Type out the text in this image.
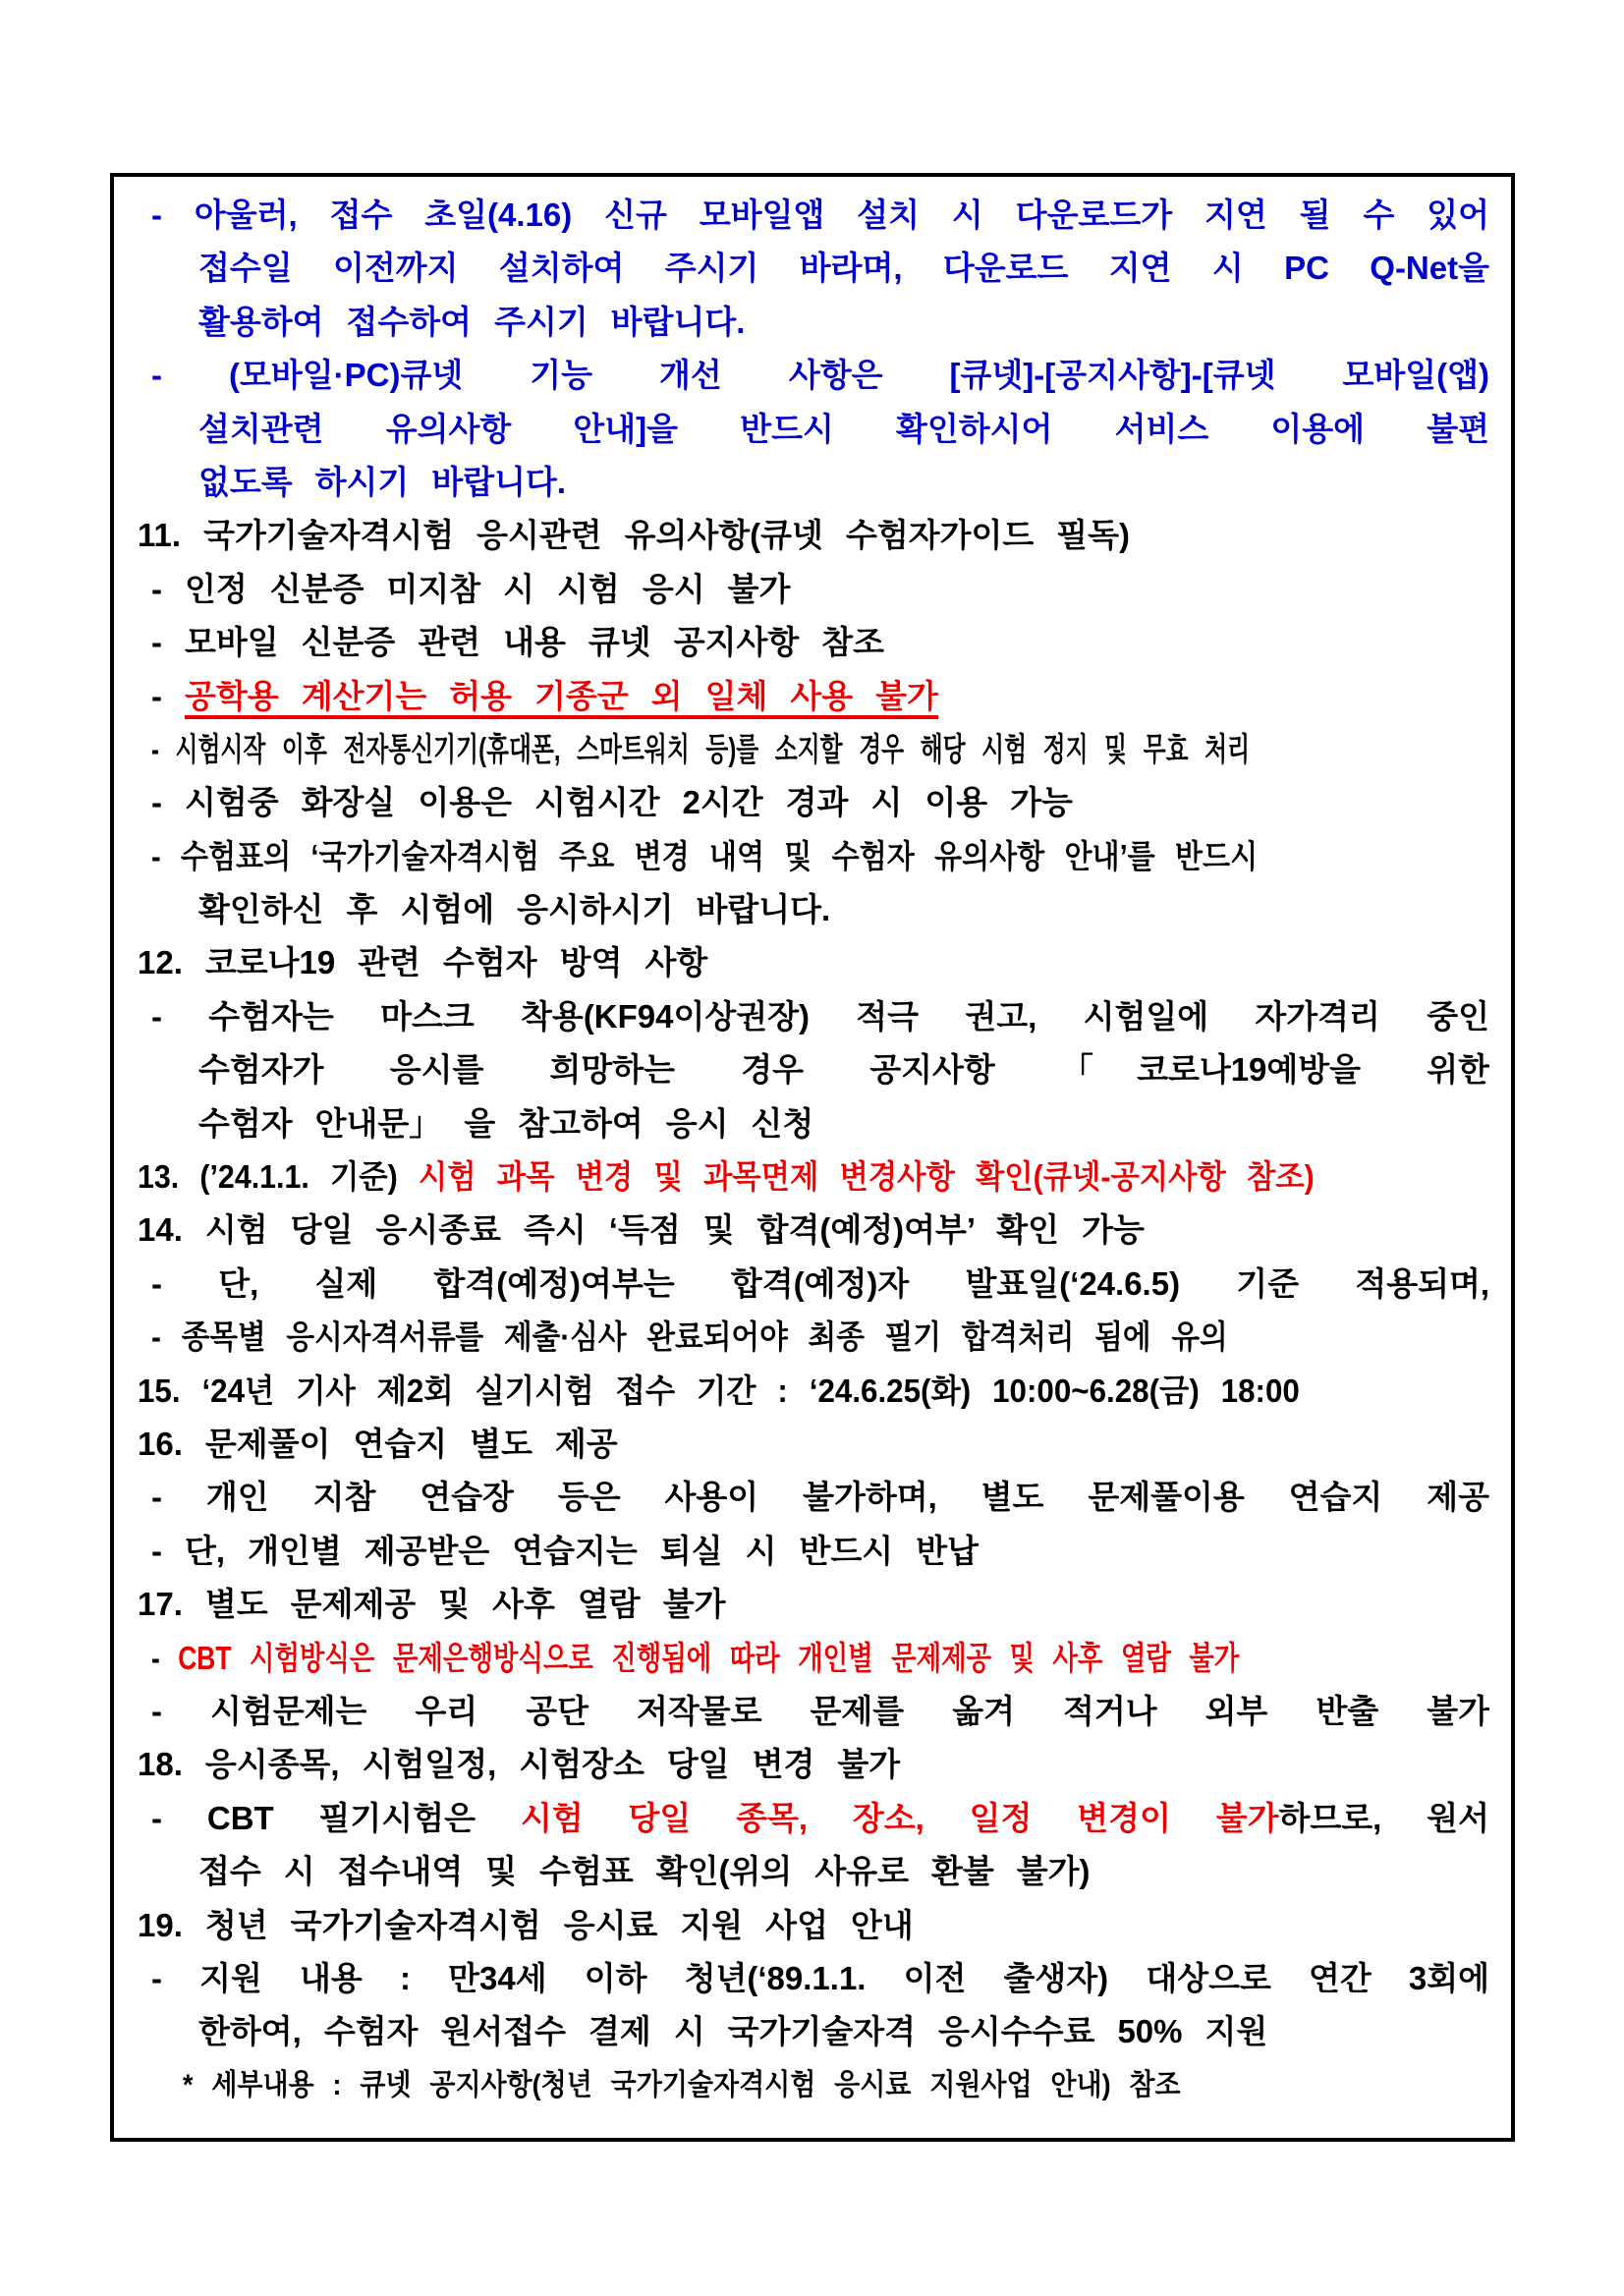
- 아울러, 접수 초일(4.16) 신규 모바일앱 설치 시 다운로드가 지연 될 수 있어
접수일 이전까지 설치하여 주시기 바라며, 다운로드 지연 시 PC Q-Net을
활용하여 접수하여 주시기 바랍니다.
- (모바일·PC)큐넷 기능 개선 사항은 [큐넷]-[공지사항]-[큐넷 모바일(앱)
설치관련 유의사항 안내]을 반드시 확인하시어 서비스 이용에 불편
없도록 하시기 바랍니다.
11. 국가기술자격시험 응시관련 유의사항(큐넷 수험자가이드 필독)
- 인정 신분증 미지참 시 시험 응시 불가
- 모바일 신분증 관련 내용 큐넷 공지사항 참조
- 공학용 계산기는 허용 기종군 외 일체 사용 불가
- 시험시작 이후 전자통신기기(휴대폰, 스마트워치 등)를 소지할 경우 해당 시험 정지 및 무효 처리
- 시험중 화장실 이용은 시험시간 2시간 경과 시 이용 가능
- 수험표의 ‘국가기술자격시험 주요 변경 내역 및 수험자 유의사항 안내’를 반드시
확인하신 후 시험에 응시하시기 바랍니다.
12. 코로나19 관련 수험자 방역 사항
- 수험자는 마스크 착용(KF94이상권장) 적극 권고, 시험일에 자가격리 중인
수험자가 응시를 희망하는 경우 공지사항 「코로나19예방을 위한
수험자 안내문」 을 참고하여 응시 신청
13. (’24.1.1. 기준) 시험 과목 변경 및 과목면제 변경사항 확인(큐넷-공지사항 참조)
14. 시험 당일 응시종료 즉시 ‘득점 및 합격(예정)여부’ 확인 가능
- 단, 실제 합격(예정)여부는 합격(예정)자 발표일(‘24.6.5) 기준 적용되며,
- 종목별 응시자격서류를 제출·심사 완료되어야 최종 필기 합격처리 됨에 유의
15. ‘24년 기사 제2회 실기시험 접수 기간 : ‘24.6.25(화) 10:00~6.28(금) 18:00
16. 문제풀이 연습지 별도 제공
- 개인 지참 연습장 등은 사용이 불가하며, 별도 문제풀이용 연습지 제공
- 단, 개인별 제공받은 연습지는 퇴실 시 반드시 반납
17. 별도 문제제공 및 사후 열람 불가
- CBT 시험방식은 문제은행방식으로 진행됨에 따라 개인별 문제제공 및 사후 열람 불가
- 시험문제는 우리 공단 저작물로 문제를 옮겨 적거나 외부 반출 불가
18. 응시종목, 시험일정, 시험장소 당일 변경 불가
- CBT 필기시험은 시험 당일 종목, 장소, 일정 변경이 불가하므로, 원서
접수 시 접수내역 및 수험표 확인(위의 사유로 환불 불가)
19. 청년 국가기술자격시험 응시료 지원 사업 안내
- 지원 내용 : 만34세 이하 청년(‘89.1.1. 이전 출생자) 대상으로 연간 3회에
한하여, 수험자 원서접수 결제 시 국가기술자격 응시수수료 50% 지원
* 세부내용 : 큐넷 공지사항(청년 국가기술자격시험 응시료 지원사업 안내) 참조
